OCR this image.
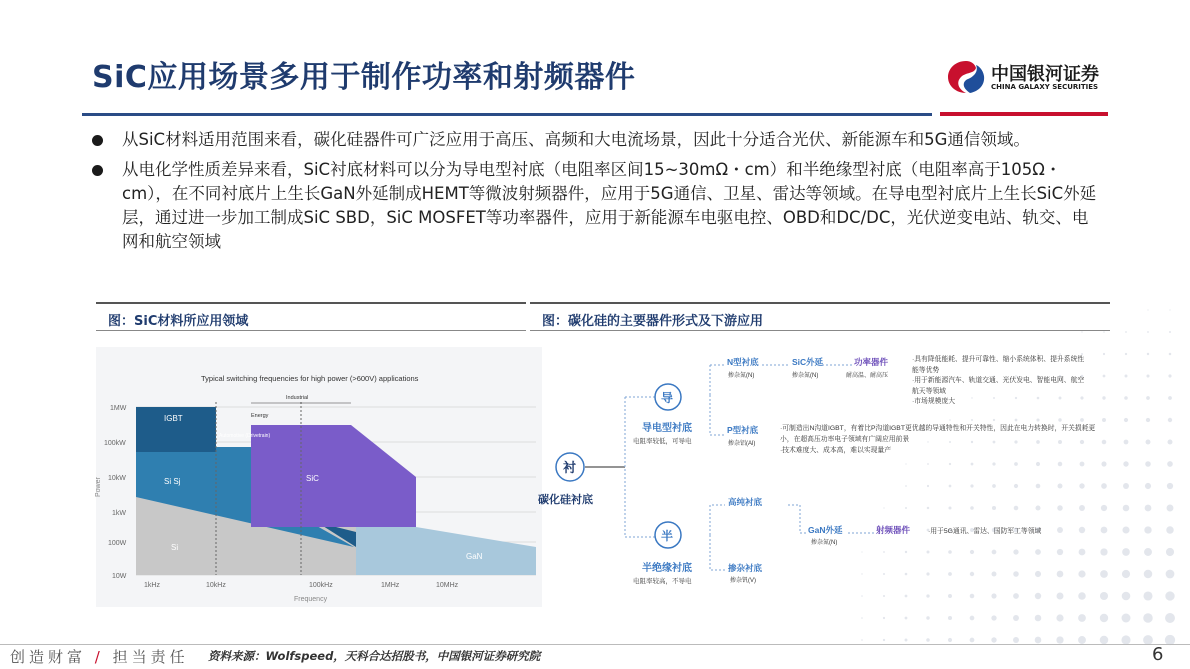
SiC应用场景多用于制作功率和射频器件	中国银河证券
CHINA GALAXY SECURITIES
从SiC材料适用范围来看，碳化硅器件可广泛应用于高压、高频和大电流场景，因此十分适合光伏、新能源车和5G通信领域。
从电化学性质差异来看，SiC衬底材料可以分为导电型衬底（电阻率区间15~30mΩ・cm）和半绝缘型衬底（电阻率高于105Ω・cm），在不同衬底片上生长GaN外延制成HEMT等微波射频器件，应用于5G通信、卫星、雷达等领域。在导电型衬底片上生长SiC外延层，通过进一步加工制成SiC SBD，SiC MOSFET等功率器件，应用于新能源车电驱电控、OBD和DC/DC，光伏逆变电站、轨交、电网和航空领域
图：SiC材料所应用领域	图：碳化硅的主要器件形式及下游应用
Typical switching frequencies for high power (>600V) applications
IGBT
Si Sj
Si
SiC
GaN
Industrial
Energy
Automotive (Drivetrain)
1MW
100kW
10kW
1kW
100W
10W
Power
1kHz	10kHz	100kHz	1MHz	10MHz
Frequency
衬
碳化硅衬底
导
导电型衬底
电阻率较低，可导电
N型衬底
掺杂氮(N)
SiC外延
掺杂氮(N)
功率器件
耐高温、耐高压
·具有降低能耗、提升可靠性、缩小系统体积、提升系统性能等优势
·用于新能源汽车、轨道交通、光伏发电、智能电网、航空航天等领域
·市场规模庞大
P型衬底
掺杂铝(Al)
·可制造出N沟道IGBT，有着比P沟道IGBT更优越的导通特性和开关特性，因此在电力转换时，开关损耗更小，在超高压功率电子领域有广阔应用前景
·技术难度大、成本高，难以实现量产
半
半绝缘衬底
电阻率较高，不导电
高纯衬底
GaN外延
掺杂氮(N)
射频器件	·用于5G通讯、雷达、国防军工等领域
掺杂衬底
掺杂钒(V)
创造财富 / 担当责任 资料来源：Wolfspeed，天科合达招股书，中国银河证券研究院	6
